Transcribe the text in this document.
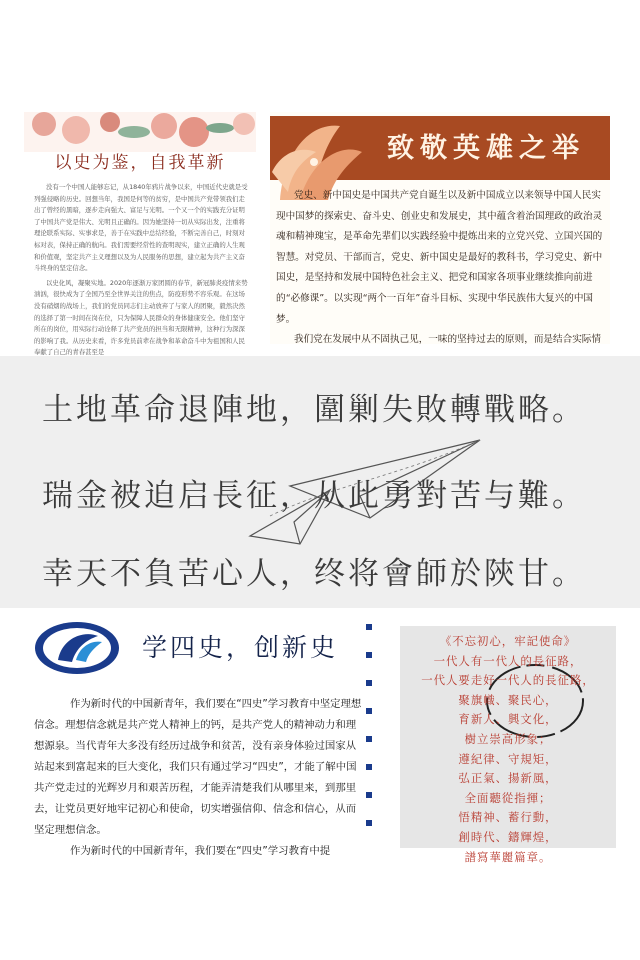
以史为鉴，自我革新

没有一个中国人能够忘记，从1840年鸦片战争以来，中国近代史就是受列强侵略的历史。回想当年，我国是何等的贫穷，是中国共产党带领我们走出了曾经的黑暗，逐步走向强大、富足与光明。一个又一个的实践充分证明了中国共产党是伟大、光明且正确的。因为她坚持一切从实际出发，注重将理论联系实际、实事求是，善于在实践中总结经验，不断完善自己，时刻对标对表，保持正确的航向。我们需要经常性的查明现实，建立正确的人生观和价值观，坚定共产主义理想以及为人民服务的思想，建立起为共产主义奋斗终身的坚定信念。

以史化风，凝聚实地。2020年逐渐万家团圆的春节，新冠肺炎疫情来势汹汹，很快成为了全国乃至全世界关注的焦点，防疫形势不容乐观。在这场没有硝烟的战场上，我们的党员同志们主动放弃了与家人的团聚，毅然决然的选择了第一时间在岗在位，只为保障人民群众的身体健康安全。他们坚守所在的岗位，用实际行动诠释了共产党员的担当和无限精神，这种行为深深的影响了我。从历史来看，许多党员前辈在战争和革命奋斗中为祖国和人民奉献了自己的青春甚至是

致敬英雄之举

党史、新中国史是中国共产党自诞生以及新中国成立以来领导中国人民实现中国梦的探索史、奋斗史、创业史和发展史，其中蕴含着治国理政的政治灵魂和精神瑰宝，是革命先辈们以实践经验中提炼出来的立党兴党、立国兴国的智慧。对党员、干部而言，党史、新中国史是最好的教科书，学习党史、新中国史，是坚持和发展中国特色社会主义、把党和国家各项事业继续推向前进的“必修课”。以实现“两个一百年”奋斗目标、实现中华民族伟大复兴的中国梦。

我们党在发展中从不固执己见，一味的坚持过去的原则，而是结合实际情

土地革命退陣地，圍剿失敗轉戰略。
瑞金被迫启長征，从此勇對苦与難。
幸天不負苦心人，终将會師於陝甘。
学四史，创新史

作为新时代的中国新青年，我们要在“四史”学习教育中坚定理想信念。理想信念就是共产党人精神上的钙，是共产党人的精神动力和理想源泉。当代青年大多没有经历过战争和贫苦，没有亲身体验过国家从站起来到富起来的巨大变化，我们只有通过学习“四史”，才能了解中国共产党走过的光辉岁月和艰苦历程，才能弄清楚我们从哪里来，到那里去，让党员更好地牢记初心和使命，切实增强信仰、信念和信心，从而坚定理想信念。

作为新时代的中国新青年，我们要在“四史”学习教育中提

《不忘初心，牢記使命》
一代人有一代人的長征路，
一代人要走好一代人的長征路，
聚旗幟、聚民心，
育新人、興文化，
樹立崇高形象；
遵紀律、守規矩，
弘正氣、揚新風，
全面聽從指揮；
悟精神、蓄行動，
創時代、鑄輝煌，
譜寫華麗篇章。
